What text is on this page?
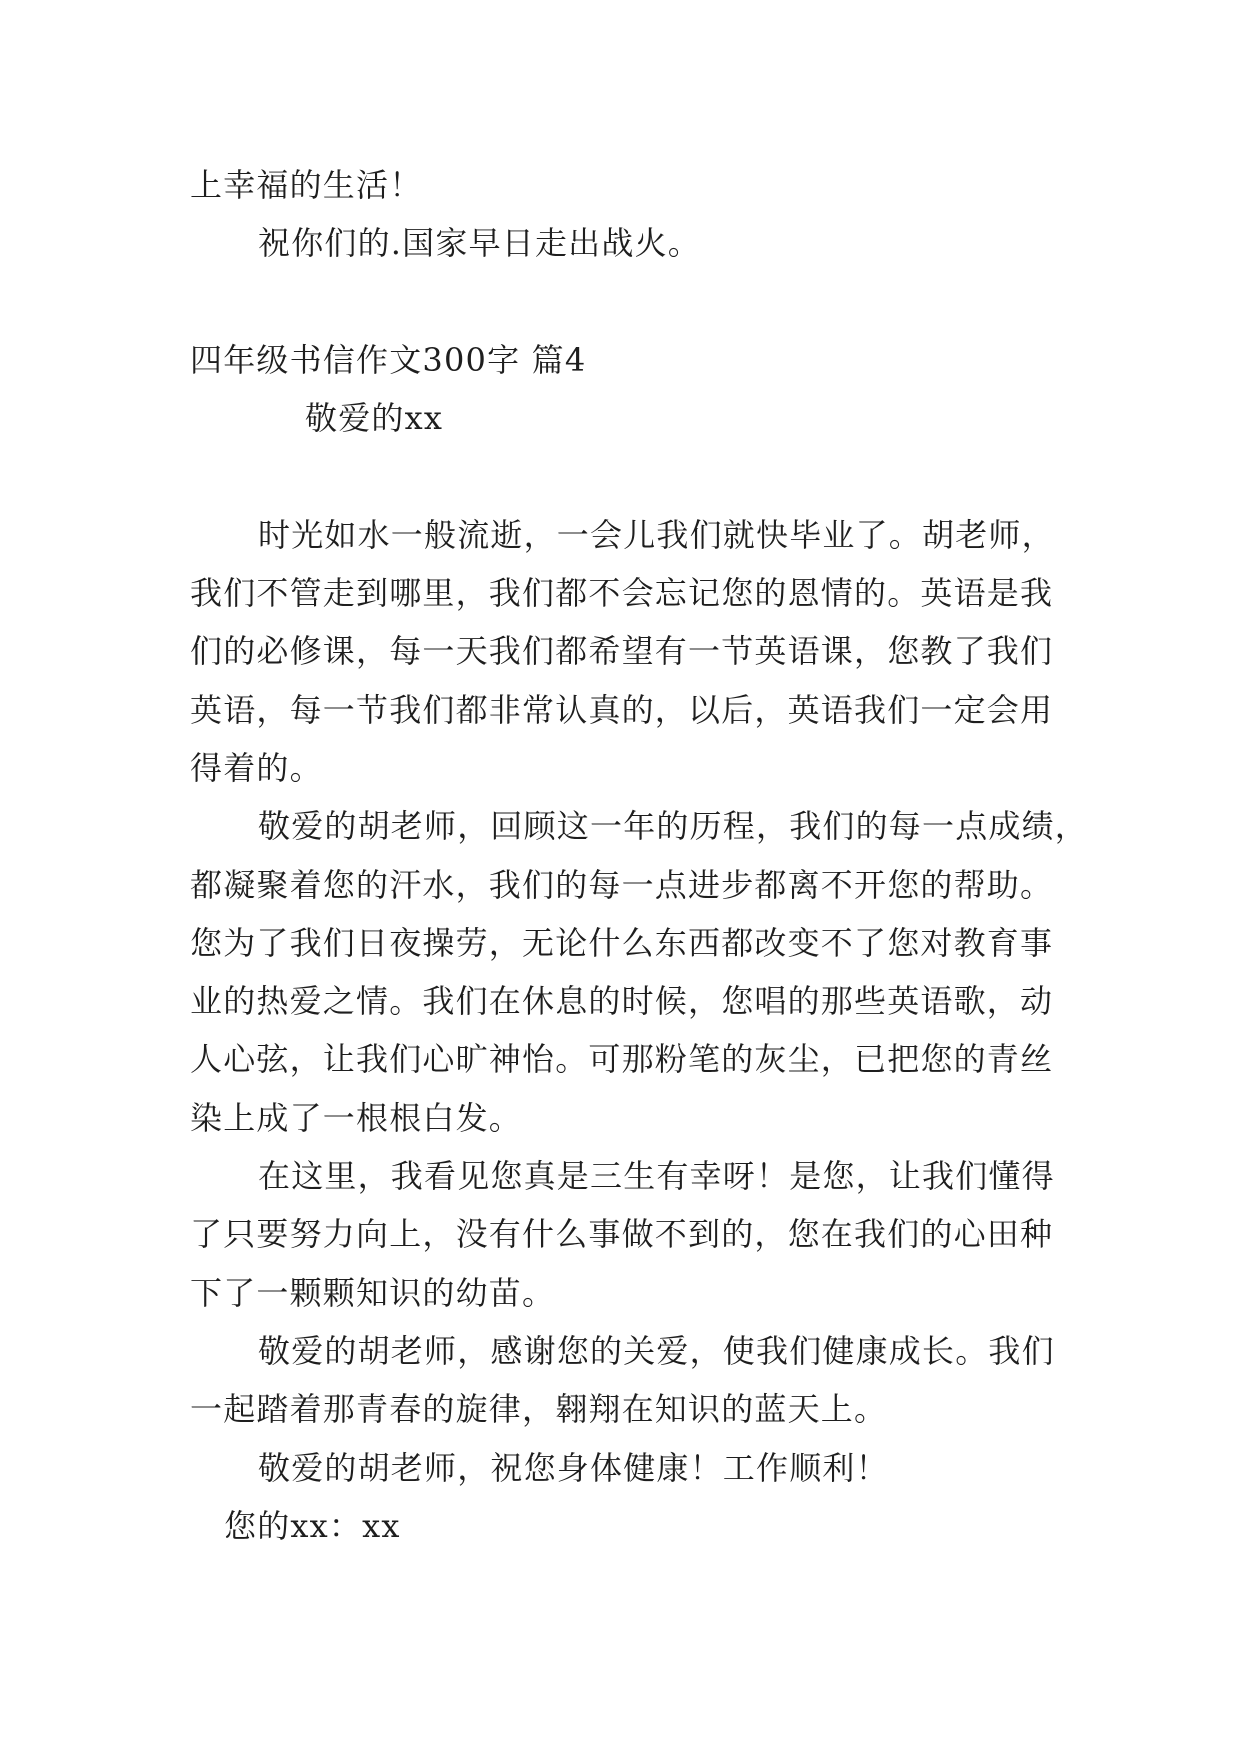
上幸福的生活！
祝你们的.国家早日走出战火。
四年级书信作文300字 篇4
敬爱的xx
时光如水一般流逝，一会儿我们就快毕业了。胡老师，
我们不管走到哪里，我们都不会忘记您的恩情的。英语是我
们的必修课，每一天我们都希望有一节英语课，您教了我们
英语，每一节我们都非常认真的，以后，英语我们一定会用
得着的。
敬爱的胡老师，回顾这一年的历程，我们的每一点成绩，
都凝聚着您的汗水，我们的每一点进步都离不开您的帮助。
您为了我们日夜操劳，无论什么东西都改变不了您对教育事
业的热爱之情。我们在休息的时候，您唱的那些英语歌，动
人心弦，让我们心旷神怡。可那粉笔的灰尘，已把您的青丝
染上成了一根根白发。
在这里，我看见您真是三生有幸呀！是您，让我们懂得
了只要努力向上，没有什么事做不到的，您在我们的心田种
下了一颗颗知识的幼苗。
敬爱的胡老师，感谢您的关爱，使我们健康成长。我们
一起踏着那青春的旋律，翱翔在知识的蓝天上。
敬爱的胡老师，祝您身体健康！工作顺利！
您的xx：xx
